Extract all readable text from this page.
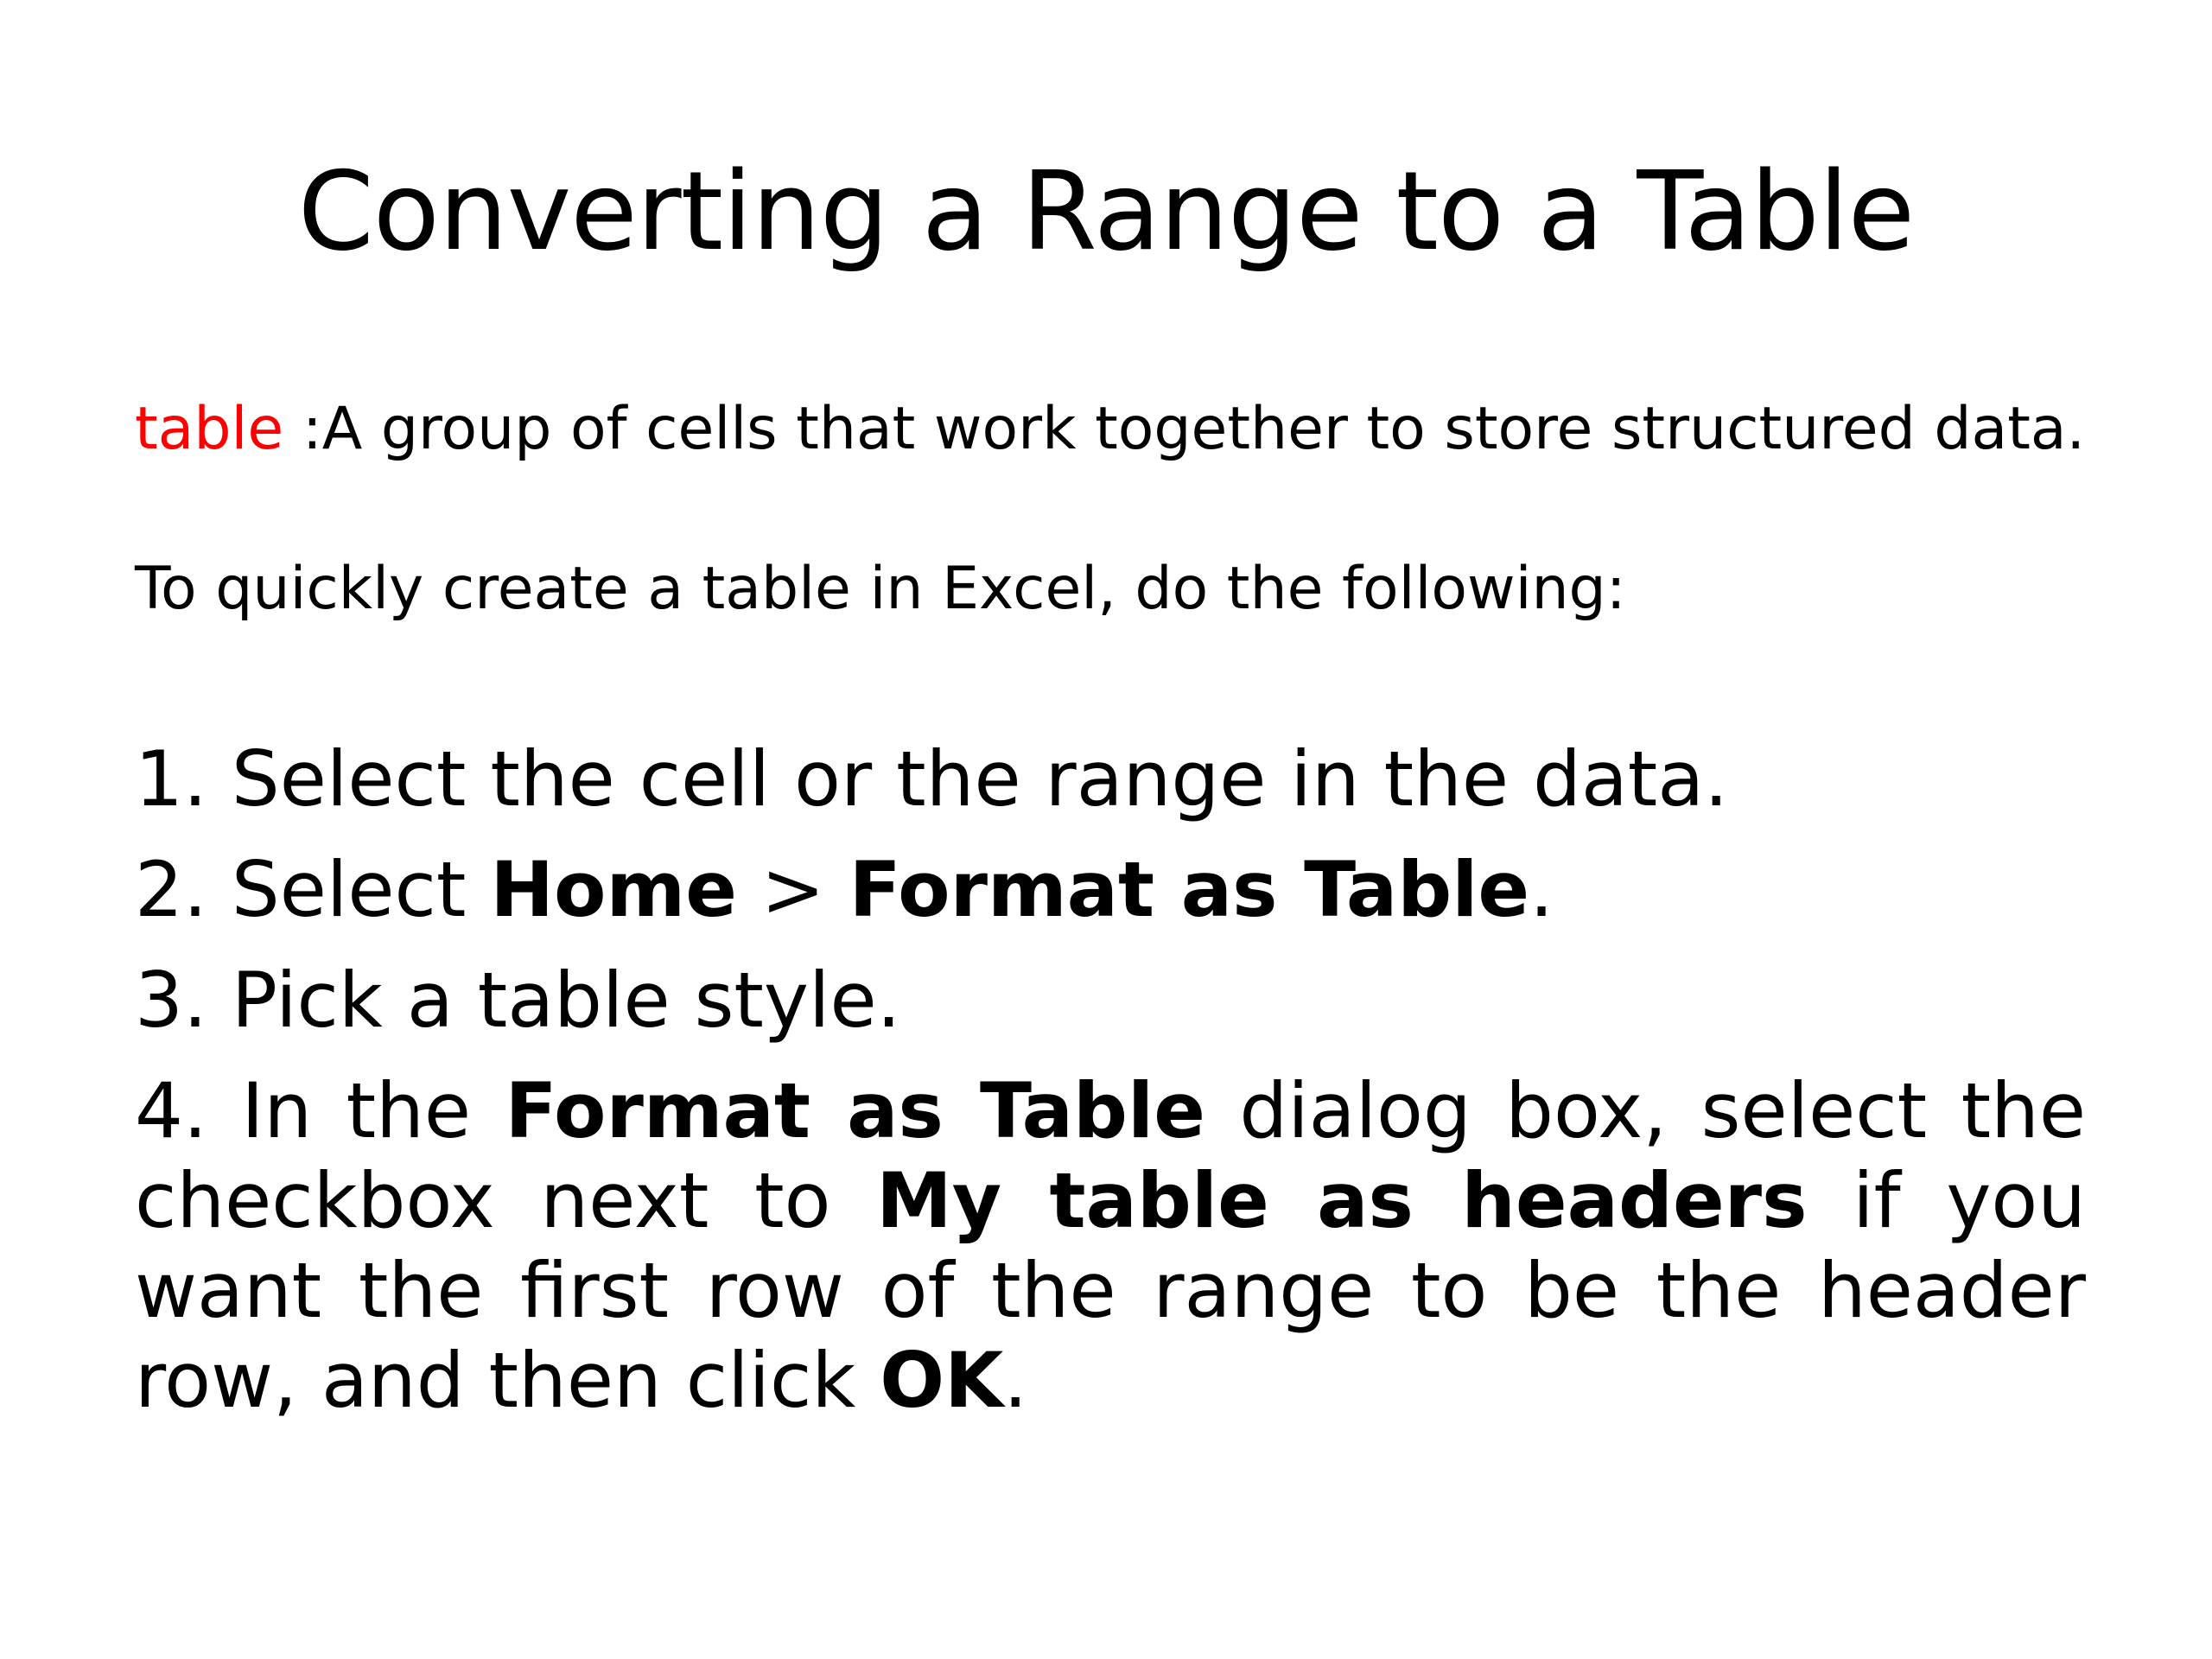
Converting a Range to a Table
table :A group of cells that work together to store structured data.
To quickly create a table in Excel, do the following:
1. Select the cell or the range in the data.
2. Select Home > Format as Table.
3. Pick a table style.
4. In the Format as Table dialog box, select the checkbox next to My table as headers if you want the first row of the range to be the header row, and then click OK.
